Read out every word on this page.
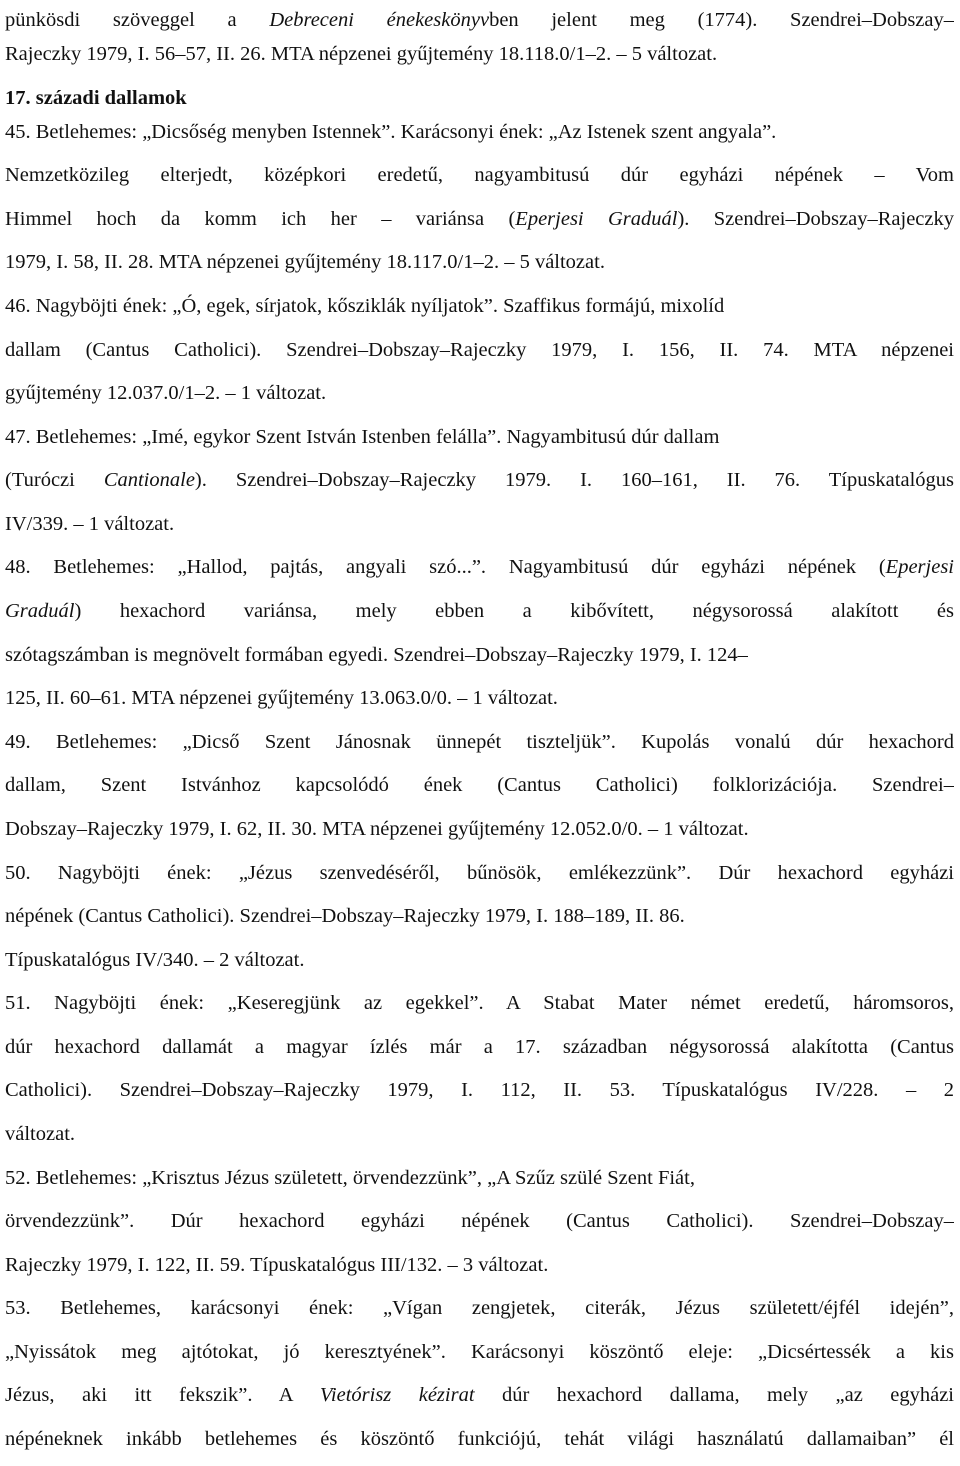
pünkösdi szöveggel a Debreceni énekeskönyvben jelent meg (1774). Szendrei–Dobszay–
Rajeczky 1979, I. 56–57, II. 26. MTA népzenei gyűjtemény 18.118.0/1–2. – 5 változat.
17. századi dallamok
45. Betlehemes: „Dicsőség menyben Istennek”. Karácsonyi ének: „Az Istenek szent angyala”.
Nemzetközileg elterjedt, középkori eredetű, nagyambitusú dúr egyházi népének – Vom
Himmel hoch da komm ich her – variánsa (Eperjesi Graduál). Szendrei–Dobszay–Rajeczky
1979, I. 58, II. 28. MTA népzenei gyűjtemény 18.117.0/1–2. – 5 változat.
46. Nagyböjti ének: „Ó, egek, sírjatok, kősziklák nyíljatok”. Szaffikus formájú, mixolíd
dallam (Cantus Catholici). Szendrei–Dobszay–Rajeczky 1979, I. 156, II. 74. MTA népzenei
gyűjtemény 12.037.0/1–2. – 1 változat.
47. Betlehemes: „Imé, egykor Szent István Istenben felálla”. Nagyambitusú dúr dallam
(Turóczi Cantionale). Szendrei–Dobszay–Rajeczky 1979. I. 160–161, II. 76. Típuskatalógus
IV/339. – 1 változat.
48. Betlehemes: „Hallod, pajtás, angyali szó...”. Nagyambitusú dúr egyházi népének (Eperjesi
Graduál) hexachord variánsa, mely ebben a kibővített, négysorossá alakított és
szótagszámban is megnövelt formában egyedi. Szendrei–Dobszay–Rajeczky 1979, I. 124–
125, II. 60–61. MTA népzenei gyűjtemény 13.063.0/0. – 1 változat.
49. Betlehemes: „Dicső Szent Jánosnak ünnepét tiszteljük”. Kupolás vonalú dúr hexachord
dallam, Szent Istvánhoz kapcsolódó ének (Cantus Catholici) folklorizációja. Szendrei–
Dobszay–Rajeczky 1979, I. 62, II. 30. MTA népzenei gyűjtemény 12.052.0/0. – 1 változat.
50. Nagyböjti ének: „Jézus szenvedéséről, bűnösök, emlékezzünk”. Dúr hexachord egyházi
népének (Cantus Catholici). Szendrei–Dobszay–Rajeczky 1979, I. 188–189, II. 86.
Típuskatalógus IV/340. – 2 változat.
51. Nagyböjti ének: „Keseregjünk az egekkel”. A Stabat Mater német eredetű, háromsoros,
dúr hexachord dallamát a magyar ízlés már a 17. században négysorossá alakította (Cantus
Catholici). Szendrei–Dobszay–Rajeczky 1979, I. 112, II. 53. Típuskatalógus IV/228. – 2
változat.
52. Betlehemes: „Krisztus Jézus született, örvendezzünk”, „A Szűz szülé Szent Fiát,
örvendezzünk”. Dúr hexachord egyházi népének (Cantus Catholici). Szendrei–Dobszay–
Rajeczky 1979, I. 122, II. 59. Típuskatalógus III/132. – 3 változat.
53. Betlehemes, karácsonyi ének: „Vígan zengjetek, citerák, Jézus született/éjfél idején”,
„Nyissátok meg ajtótokat, jó keresztyének”. Karácsonyi köszöntő eleje: „Dicsértessék a kis
Jézus, aki itt fekszik”. A Vietórisz kézirat dúr hexachord dallama, mely „az egyházi
népéneknek inkább betlehemes és köszöntő funkciójú, tehát világi használatú dallamaiban” él
